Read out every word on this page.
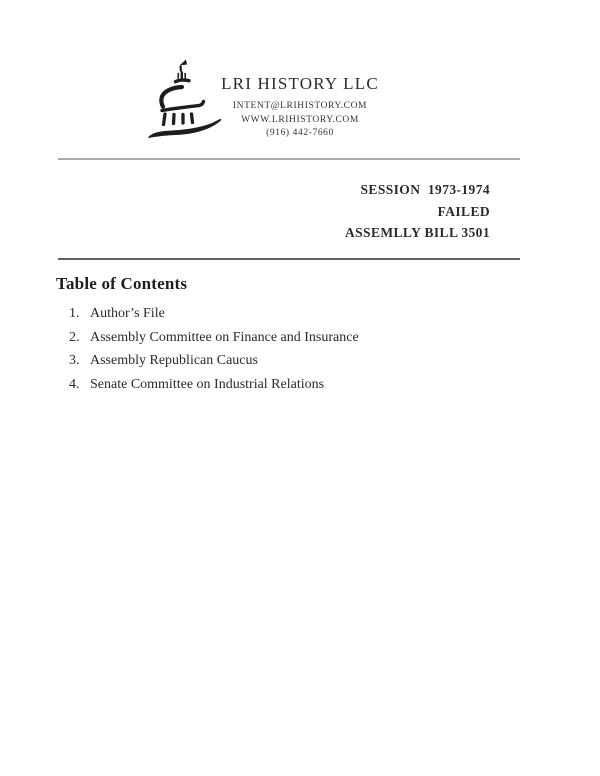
LRI HISTORY LLC
INTENT@LRIHISTORY.COM
WWW.LRIHISTORY.COM
(916) 442-7660
SESSION  1973-1974
FAILED
ASSEMLLY BILL 3501
Table of Contents
1. Author’s File
2. Assembly Committee on Finance and Insurance
3. Assembly Republican Caucus
4. Senate Committee on Industrial Relations
